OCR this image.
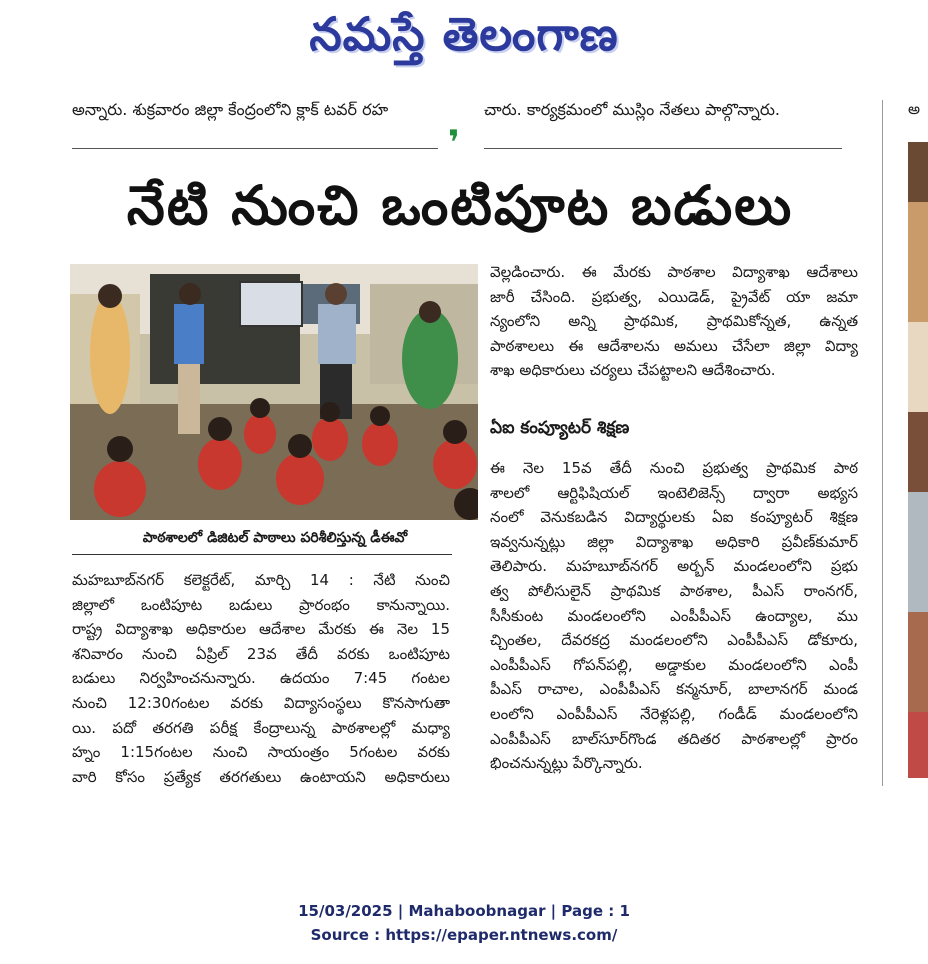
నమస్తే తెలంగాణ
అన్నారు. శుక్రవారం జిల్లా కేంద్రంలోని క్లాక్ టవర్ రహ	చారు. కార్యక్రమంలో ముస్లిం నేతలు పాల్గొన్నారు.	అ
❜
నేటి నుంచి ఒంటిపూట బడులు
పాఠశాలలో డిజిటల్ పాఠాలు పరిశీలిస్తున్న డీఈవో
మహబూబ్‌నగర్ కలెక్టరేట్, మార్చి 14 : నేటి నుంచి
జిల్లాలో ఒంటిపూట బడులు ప్రారంభం కానున్నాయి.
రాష్ట్ర విద్యాశాఖ అధికారుల ఆదేశాల మేరకు ఈ నెల 15
శనివారం నుంచి ఏప్రిల్ 23వ తేదీ వరకు ఒంటిపూట
బడులు నిర్వహించనున్నారు. ఉదయం 7:45 గంటల
నుంచి 12:30గంటల వరకు విద్యాసంస్థలు కొనసాగుతా
యి. పదో తరగతి పరీక్ష కేంద్రాలున్న పాఠశాలల్లో మధ్యా
హ్నం 1:15గంటల నుంచి సాయంత్రం 5గంటల వరకు
వారి కోసం ప్రత్యేక తరగతులు ఉంటాయని అధికారులు
వెల్లడించారు. ఈ మేరకు పాఠశాల విద్యాశాఖ ఆదేశాలు
జారీ చేసింది. ప్రభుత్వ, ఎయిడెడ్, ప్రైవేట్ యా జమా
న్యంలోని అన్ని ప్రాథమిక, ప్రాథమికోన్నత, ఉన్నత
పాఠశాలలు ఈ ఆదేశాలను అమలు చేసేలా జిల్లా విద్యా
శాఖ అధికారులు చర్యలు చేపట్టాలని ఆదేశించారు.
ఏఐ కంప్యూటర్ శిక్షణ
ఈ నెల 15వ తేదీ నుంచి ప్రభుత్వ ప్రాథమిక పాఠ
శాలలో ఆర్టిఫిషియల్ ఇంటెలిజెన్స్ ద్వారా అభ్యస
నంలో వెనుకబడిన విద్యార్థులకు ఏఐ కంప్యూటర్ శిక్షణ
ఇవ్వనున్నట్లు జిల్లా విద్యాశాఖ అధికారి ప్రవీణ్‌కుమార్
తెలిపారు. మహబూబ్‌నగర్ అర్బన్ మండలంలోని ప్రభు
త్వ పోలీసులైన్ ప్రాథమిక పాఠశాల, పీఎస్ రాంనగర్,
సీసీకుంట మండలంలోని ఎంపీపీఎస్ ఉంద్యాల, ము
చ్చింతల, దేవరకద్ర మండలంలోని ఎంపీపీఎస్ డోకూరు,
ఎంపీపీఎస్ గోపన్‌పల్లి, అడ్డాకుల మండలంలోని ఎంపీ
పీఎస్ రాచాల, ఎంపీపీఎస్ కన్మనూర్, బాలానగర్ మండ
లంలోని ఎంపీపీఎస్ నేరెళ్లపల్లి, గండీడ్ మండలంలోని
ఎంపీపీఎస్ బాల్‌సూర్‌గొండ తదితర పాఠశాలల్లో ప్రారం
భించనున్నట్లు పేర్కొన్నారు.
15/03/2025 | Mahaboobnagar | Page : 1
Source : https://epaper.ntnews.com/
